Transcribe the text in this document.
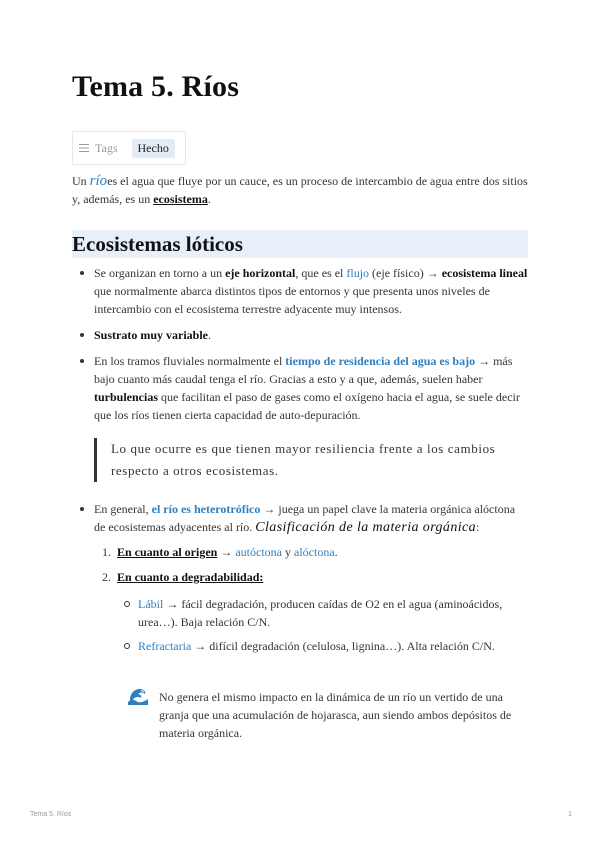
Tema 5. Ríos
Tags	Hecho
Un ríoes el agua que fluye por un cauce, es un proceso de intercambio de agua entre dos sitios y, además, es un ecosistema.
Ecosistemas lóticos
Se organizan en torno a un eje horizontal, que es el flujo (eje físico) → ecosistema lineal que normalmente abarca distintos tipos de entornos y que presenta unos niveles de intercambio con el ecosistema terrestre adyacente muy intensos.
Sustrato muy variable.
En los tramos fluviales normalmente el tiempo de residencia del agua es bajo → más bajo cuanto más caudal tenga el río. Gracias a esto y a que, además, suelen haber turbulencias que facilitan el paso de gases como el oxígeno hacia el agua, se suele decir que los ríos tienen cierta capacidad de auto-depuración.
Lo que ocurre es que tienen mayor resiliencia frente a los cambios respecto a otros ecosistemas.
En general, el río es heterotrófico → juega un papel clave la materia orgánica alóctona de ecosistemas adyacentes al río. Clasificación de la materia orgánica:
1. En cuanto al origen → autóctona y alóctona.
2. En cuanto a degradabilidad:
Lábil → fácil degradación, producen caídas de O2 en el agua (aminoácidos, urea…). Baja relación C/N.
Refractaria → difícil degradación (celulosa, lignina…). Alta relación C/N.
No genera el mismo impacto en la dinámica de un río un vertido de una granja que una acumulación de hojarasca, aun siendo ambos depósitos de materia orgánica.
Tema 5. Ríos	1
